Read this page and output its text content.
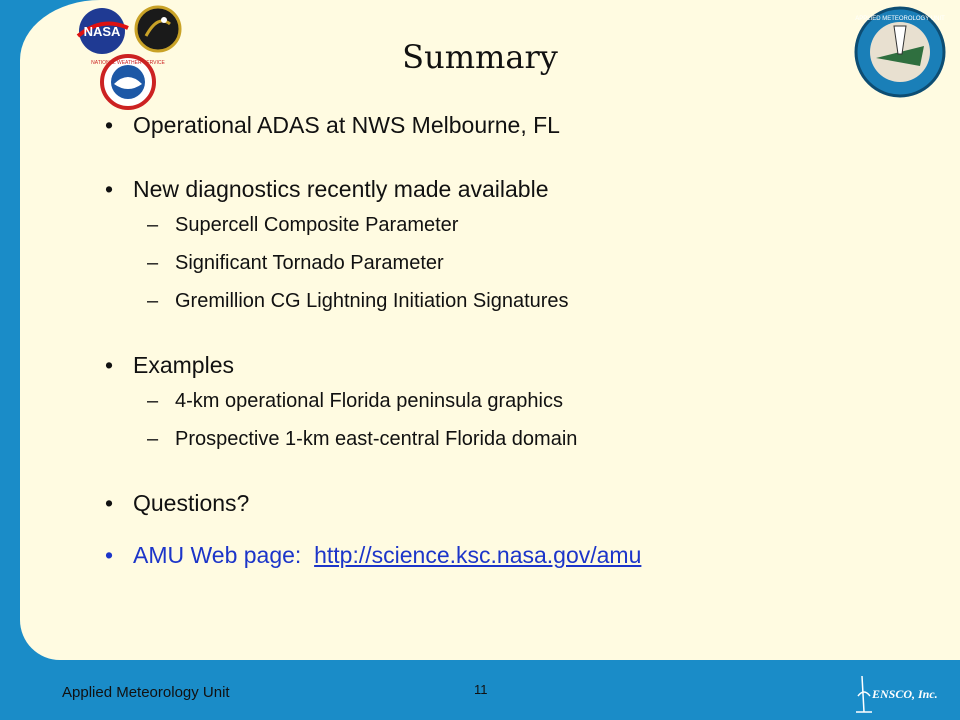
NASA
NATIONAL WEATHER SERVICE
APPLIED METEOROLOGY UNIT
Summary
• Operational ADAS at NWS Melbourne, FL
• New diagnostics recently made available
– Supercell Composite Parameter
– Significant Tornado Parameter
– Gremillion CG Lightning Initiation Signatures
• Examples
– 4-km operational Florida peninsula graphics
– Prospective 1-km east-central Florida domain
• Questions?
• AMU Web page: http://science.ksc.nasa.gov/amu
Applied Meteorology Unit	11	ENSCO, Inc.
